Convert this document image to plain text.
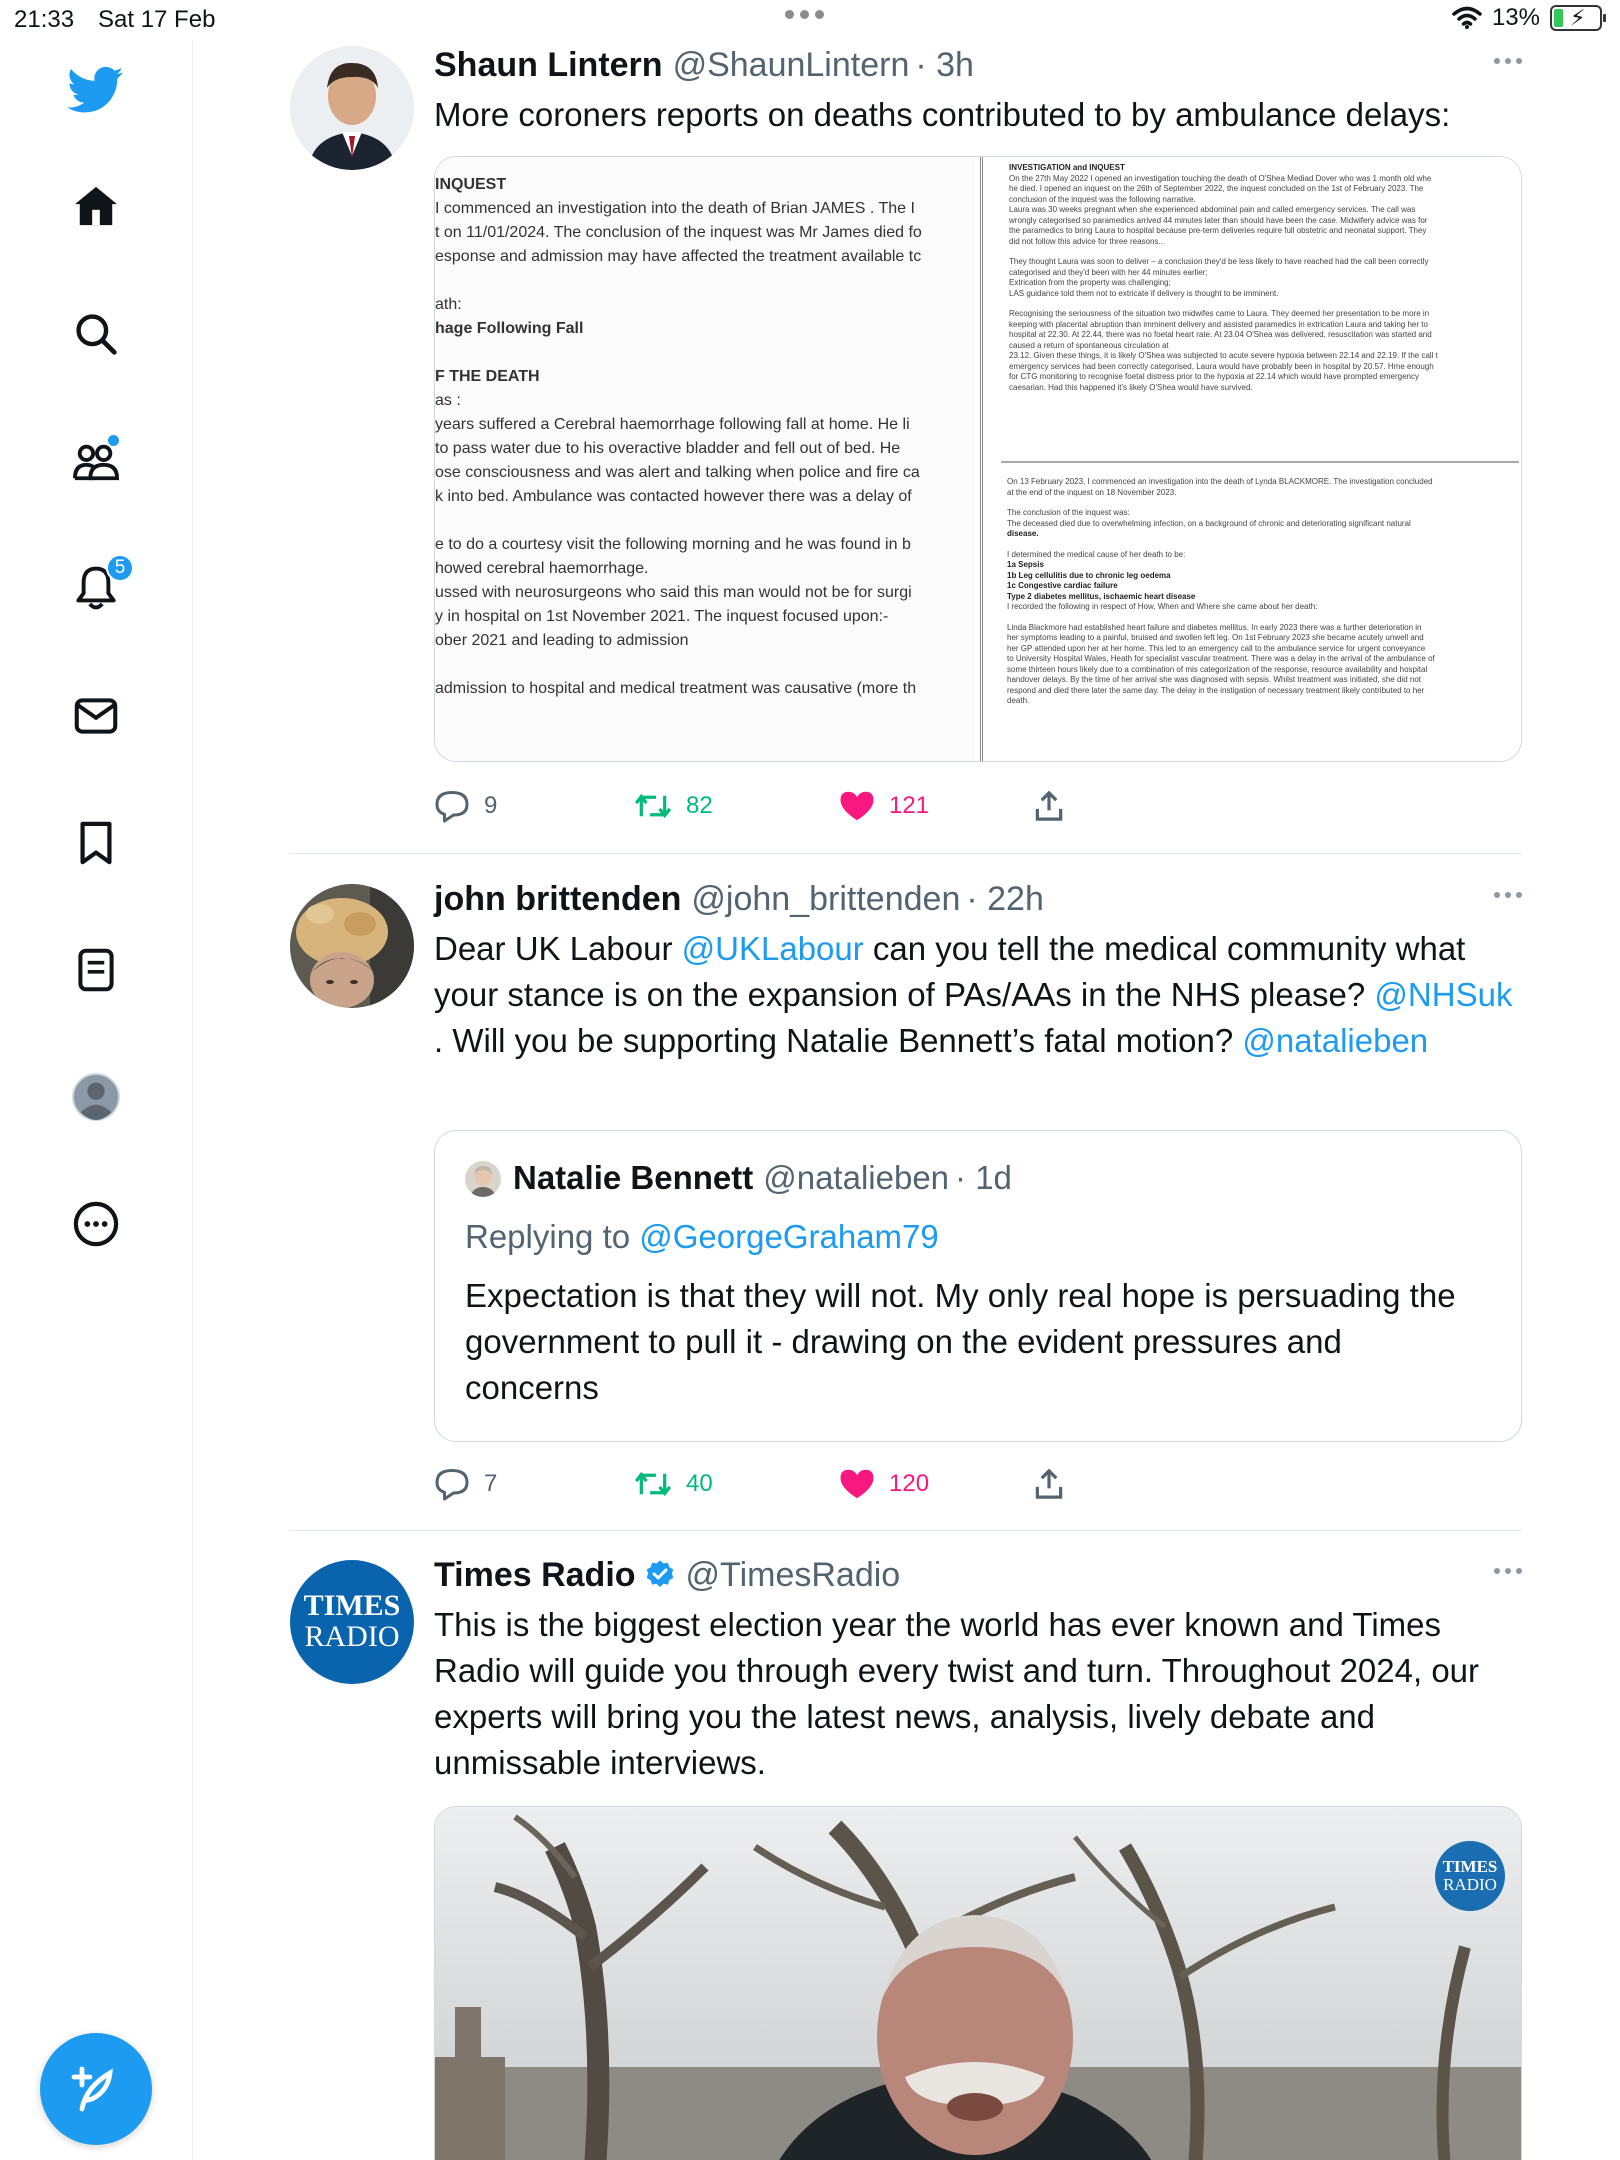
21:33 Sat 17 Feb	13% ⚡
5
Shaun Lintern @ShaunLintern · 3h
More coroners reports on deaths contributed to by ambulance delays:
INQUEST
I commenced an investigation into the death of Brian JAMES . The I
t on 11/01/2024. The conclusion of the inquest was Mr James died fo
esponse and admission may have affected the treatment available tc
ath:
hage Following Fall
F THE DEATH
as :
years suffered a Cerebral haemorrhage following fall at home. He li
to pass water due to his overactive bladder and fell out of bed. He
ose consciousness and was alert and talking when police and fire ca
k into bed. Ambulance was contacted however there was a delay of
e to do a courtesy visit the following morning and he was found in b
howed cerebral haemorrhage.
ussed with neurosurgeons who said this man would not be for surgi
y in hospital on 1st November 2021. The inquest focused upon:-
ober 2021 and leading to admission
admission to hospital and medical treatment was causative (more th
INVESTIGATION and INQUEST
On the 27th May 2022 I opened an investigation touching the death of O'Shea Mediad Dover who was 1 month old whe
he died. I opened an inquest on the 26th of September 2022, the inquest concluded on the 1st of February 2023. The
conclusion of the inquest was the following narrative.
Laura was 30 weeks pregnant when she experienced abdominal pain and called emergency services. The call was
wrongly categorised so paramedics arrived 44 minutes later than should have been the case. Midwifery advice was for
the paramedics to bring Laura to hospital because pre-term deliveries require full obstetric and neonatal support. They
did not follow this advice for three reasons...
They thought Laura was soon to deliver – a conclusion they'd be less likely to have reached had the call been correctly
categorised and they'd been with her 44 minutes earlier;
Extrication from the property was challenging;
LAS guidance told them not to extricate if delivery is thought to be imminent.
Recognising the seriousness of the situation two midwifes came to Laura. They deemed her presentation to be more in
keeping with placental abruption than imminent delivery and assisted paramedics in extrication Laura and taking her to
hospital at 22.30. At 22.44, there was no foetal heart rate. At 23.04 O'Shea was delivered, resuscitation was started and
caused a return of spontaneous circulation at
23.12. Given these things, it is likely O'Shea was subjected to acute severe hypoxia between 22.14 and 22.19. If the call t
emergency services had been correctly categorised, Laura would have probably been in hospital by 20.57. Hme enough
for CTG monitoring to recognise foetal distress prior to the hypoxia at 22.14 which would have prompted emergency
caesarian. Had this happened it's likely O'Shea would have survived.
On 13 February 2023, I commenced an investigation into the death of Lynda BLACKMORE. The investigation concluded
at the end of the inquest on 18 November 2023.
The conclusion of the inquest was:
The deceased died due to overwhelming infection, on a background of chronic and deteriorating significant natural
disease.
I determined the medical cause of her death to be:
1a Sepsis
1b Leg cellulitis due to chronic leg oedema
1c Congestive cardiac failure
Type 2 diabetes mellitus, ischaemic heart disease
I recorded the following in respect of How, When and Where she came about her death:
Linda Blackmore had established heart failure and diabetes mellitus. In early 2023 there was a further deterioration in
her symptoms leading to a painful, bruised and swollen left leg. On 1st February 2023 she became acutely unwell and
her GP attended upon her at her home. This led to an emergency call to the ambulance service for urgent conveyance
to University Hospital Wales, Heath for specialist vascular treatment. There was a delay in the arrival of the ambulance of
some thirteen hours likely due to a combination of mis categorization of the response, resource availability and hospital
handover delays. By the time of her arrival she was diagnosed with sepsis. Whilst treatment was initiated, she did not
respond and died there later the same day. The delay in the instigation of necessary treatment likely contributed to her
death.
9	82	121
john brittenden @john_brittenden · 22h
Dear UK Labour @UKLabour can you tell the medical community what your stance is on the expansion of PAs/AAs in the NHS please? @NHSuk . Will you be supporting Natalie Bennett’s fatal motion? @natalieben
Natalie Bennett @natalieben · 1d
Replying to @GeorgeGraham79
Expectation is that they will not. My only real hope is persuading the government to pull it - drawing on the evident pressures and concerns
7	40	120
TIMES
RADIO
Times Radio @TimesRadio
This is the biggest election year the world has ever known and Times Radio will guide you through every twist and turn. Throughout 2024, our experts will bring you the latest news, analysis, lively debate and unmissable interviews.
TIMES
RADIO
